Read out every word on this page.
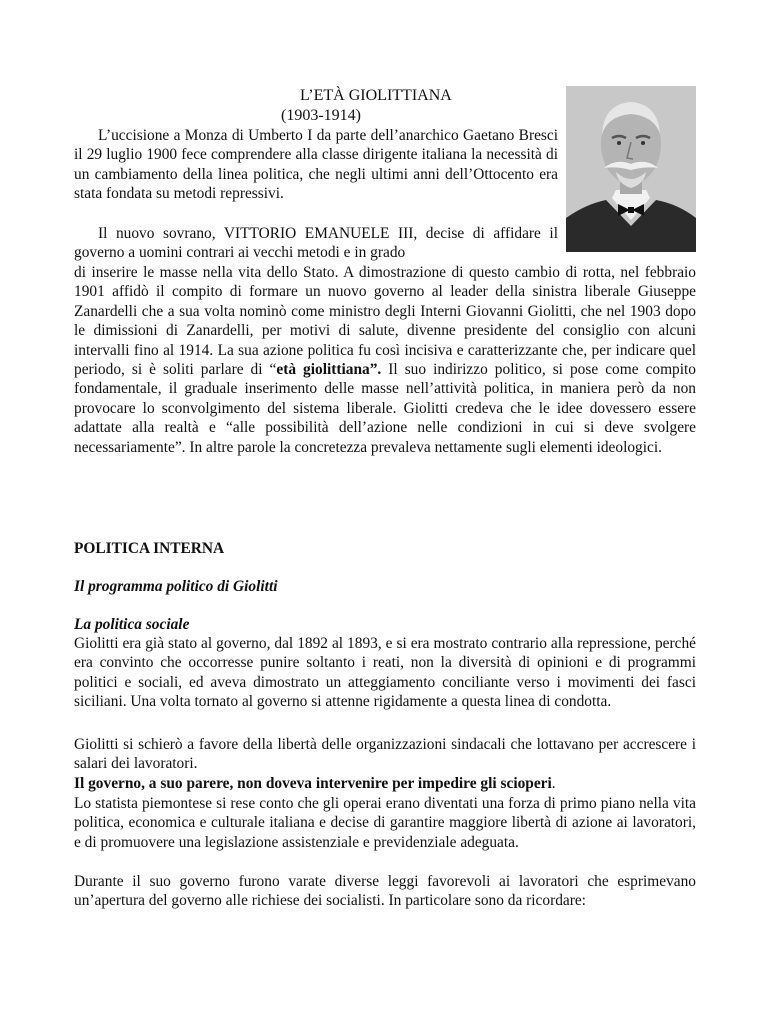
L’ETÀ GIOLITTIANA
(1903-1914)

L’uccisione a Monza di Umberto I da parte dell’anarchico Gaetano Bresci il 29 luglio 1900 fece comprendere alla classe dirigente italiana la necessità di un cambiamento della linea politica, che negli ultimi anni dell’Ottocento era stata fondata su metodi repressivi.

Il nuovo sovrano, VITTORIO EMANUELE III, decise di affidare il governo a uomini contrari ai vecchi metodi e in grado

di inserire le masse nella vita dello Stato. A dimostrazione di questo cambio di rotta, nel febbraio 1901 affidò il compito di formare un nuovo governo al leader della sinistra liberale Giuseppe Zanardelli che a sua volta nominò come ministro degli Interni Giovanni Giolitti, che nel 1903 dopo le dimissioni di Zanardelli, per motivi di salute, divenne presidente del consiglio con alcuni intervalli fino al 1914. La sua azione politica fu così incisiva e caratterizzante che, per indicare quel periodo, si è soliti parlare di “età giolittiana”. Il suo indirizzo politico, si pose come compito fondamentale, il graduale inserimento delle masse nell’attività politica, in maniera però da non provocare lo sconvolgimento del sistema liberale. Giolitti credeva che le idee dovessero essere adattate alla realtà e “alle possibilità dell’azione nelle condizioni in cui si deve svolgere necessariamente”. In altre parole la concretezza prevaleva nettamente sugli elementi ideologici.

POLITICA INTERNA
Il programma politico di Giolitti
La politica sociale

Giolitti era già stato al governo, dal 1892 al 1893, e si era mostrato contrario alla repressione, perché era convinto che occorresse punire soltanto i reati, non la diversità di opinioni e di programmi politici e sociali, ed aveva dimostrato un atteggiamento conciliante verso i movimenti dei fasci siciliani. Una volta tornato al governo si attenne rigidamente a questa linea di condotta.

Giolitti si schierò a favore della libertà delle organizzazioni sindacali che lottavano per accrescere i salari dei lavoratori.

Il governo, a suo parere, non doveva intervenire per impedire gli scioperi.

Lo statista piemontese si rese conto che gli operai erano diventati una forza di primo piano nella vita politica, economica e culturale italiana e decise di garantire maggiore libertà di azione ai lavoratori, e di promuovere una legislazione assistenziale e previdenziale adeguata.

Durante il suo governo furono varate diverse leggi favorevoli ai lavoratori che esprimevano un’apertura del governo alle richiese dei socialisti. In particolare sono da ricordare:
